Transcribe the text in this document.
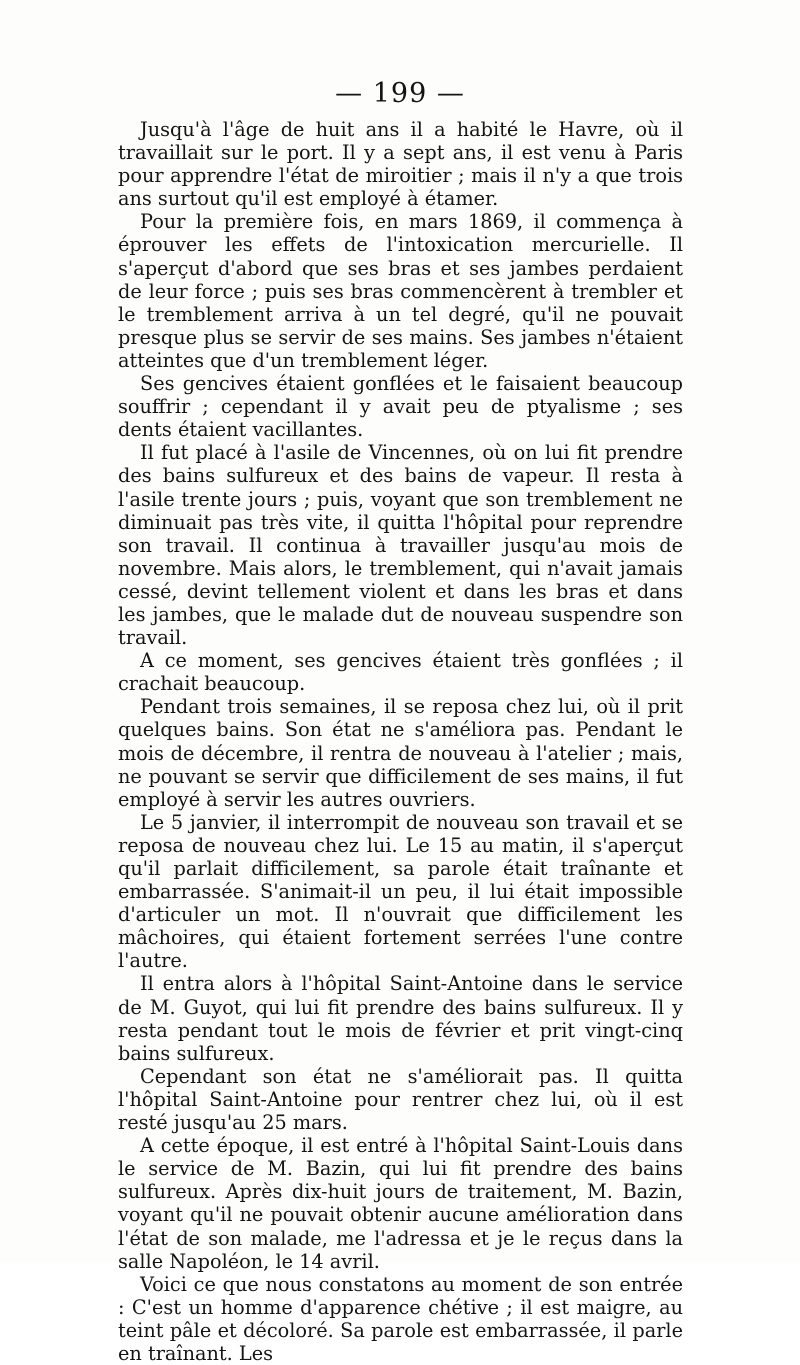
— 199 —

Jusqu'à l'âge de huit ans il a habité le Havre, où il travaillait sur le port. Il y a sept ans, il est venu à Paris pour apprendre l'état de miroitier ; mais il n'y a que trois ans surtout qu'il est employé à étamer.

Pour la première fois, en mars 1869, il commença à éprouver les effets de l'intoxication mercurielle. Il s'aperçut d'abord que ses bras et ses jambes perdaient de leur force ; puis ses bras commencèrent à trembler et le tremblement arriva à un tel degré, qu'il ne pouvait presque plus se servir de ses mains. Ses jambes n'étaient atteintes que d'un tremblement léger.

Ses gencives étaient gonflées et le faisaient beaucoup souffrir ; cependant il y avait peu de ptyalisme ; ses dents étaient vacillantes.

Il fut placé à l'asile de Vincennes, où on lui fit prendre des bains sulfureux et des bains de vapeur. Il resta à l'asile trente jours ; puis, voyant que son tremblement ne diminuait pas très vite, il quitta l'hôpital pour reprendre son travail. Il continua à travailler jusqu'au mois de novembre. Mais alors, le tremblement, qui n'avait jamais cessé, devint tellement violent et dans les bras et dans les jambes, que le malade dut de nouveau suspendre son travail.

A ce moment, ses gencives étaient très gonflées ; il crachait beaucoup.

Pendant trois semaines, il se reposa chez lui, où il prit quelques bains. Son état ne s'améliora pas. Pendant le mois de décembre, il rentra de nouveau à l'atelier ; mais, ne pouvant se servir que difficilement de ses mains, il fut employé à servir les autres ouvriers.

Le 5 janvier, il interrompit de nouveau son travail et se reposa de nouveau chez lui. Le 15 au matin, il s'aperçut qu'il parlait difficilement, sa parole était traînante et embarrassée. S'animait-il un peu, il lui était impossible d'articuler un mot. Il n'ouvrait que difficilement les mâchoires, qui étaient fortement serrées l'une contre l'autre.

Il entra alors à l'hôpital Saint-Antoine dans le service de M. Guyot, qui lui fit prendre des bains sulfureux. Il y resta pendant tout le mois de février et prit vingt-cinq bains sulfureux.

Cependant son état ne s'améliorait pas. Il quitta l'hôpital Saint-Antoine pour rentrer chez lui, où il est resté jusqu'au 25 mars.

A cette époque, il est entré à l'hôpital Saint-Louis dans le service de M. Bazin, qui lui fit prendre des bains sulfureux. Après dix-huit jours de traitement, M. Bazin, voyant qu'il ne pouvait obtenir aucune amélioration dans l'état de son malade, me l'adressa et je le reçus dans la salle Napoléon, le 14 avril.

Voici ce que nous constatons au moment de son entrée : C'est un homme d'apparence chétive ; il est maigre, au teint pâle et décoloré. Sa parole est embarrassée, il parle en traînant. Les
